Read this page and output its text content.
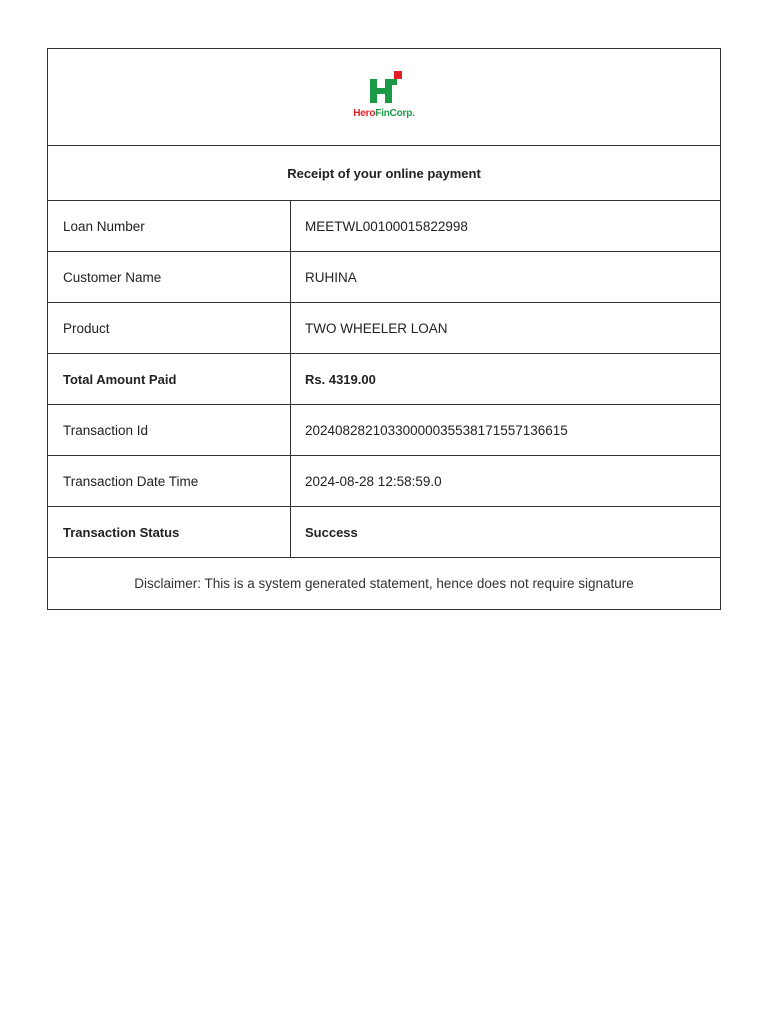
HeroFinCorp.
Receipt of your online payment
Loan Number	MEETWL00100015822998
Customer Name	RUHINA
Product	TWO WHEELER LOAN
Total Amount Paid	Rs. 4319.00
Transaction Id	20240828210330000035538171557136615
Transaction Date Time	2024-08-28 12:58:59.0
Transaction Status	Success
Disclaimer: This is a system generated statement, hence does not require signature
